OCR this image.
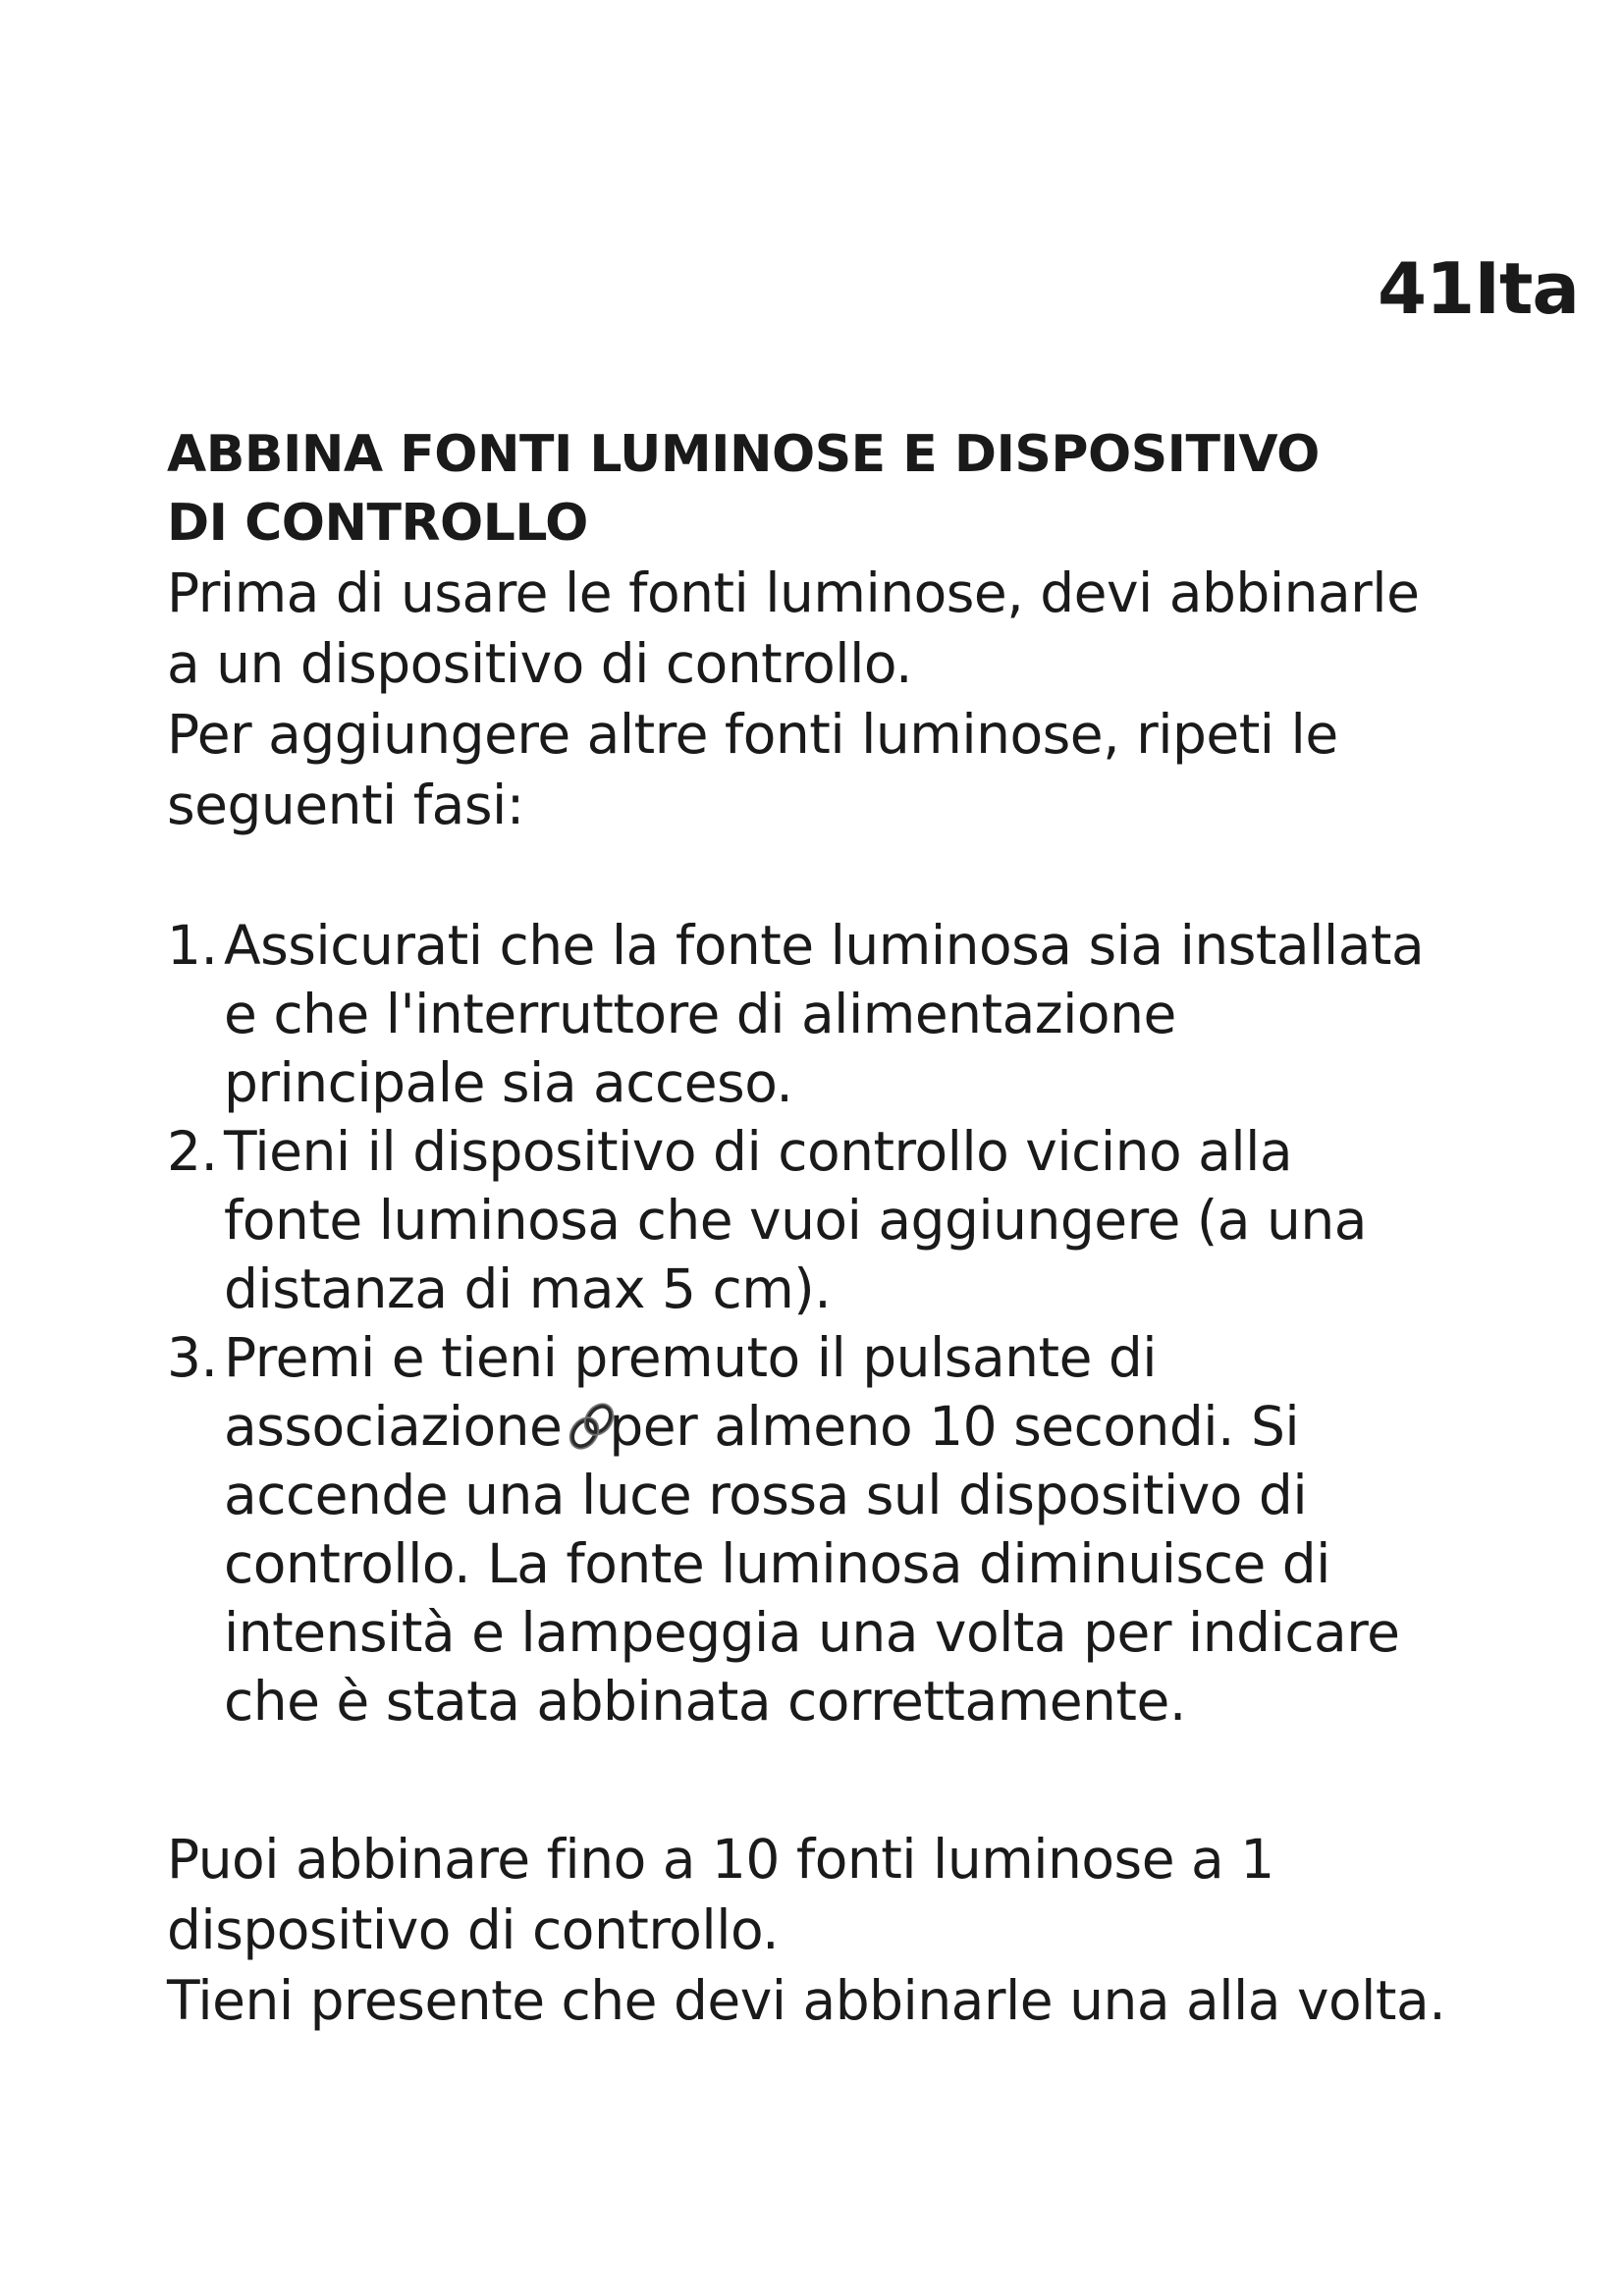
41Ita
ABBINA FONTI LUMINOSE E DISPOSITIVO
DI CONTROLLO

Prima di usare le fonti luminose, devi abbinarle
a un dispositivo di controllo.
Per aggiungere altre fonti luminose, ripeti le
seguenti fasi:

1. Assicurati che la fonte luminosa sia installata
e che l'interruttore di alimentazione
principale sia acceso.
2. Tieni il dispositivo di controllo vicino alla
fonte luminosa che vuoi aggiungere (a una
distanza di max 5 cm).
3. Premi e tieni premuto il pulsante di
associazione per almeno 10 secondi. Si
accende una luce rossa sul dispositivo di
controllo. La fonte luminosa diminuisce di
intensità e lampeggia una volta per indicare
che è stata abbinata correttamente.

Puoi abbinare fino a 10 fonti luminose a 1
dispositivo di controllo.
Tieni presente che devi abbinarle una alla volta.
